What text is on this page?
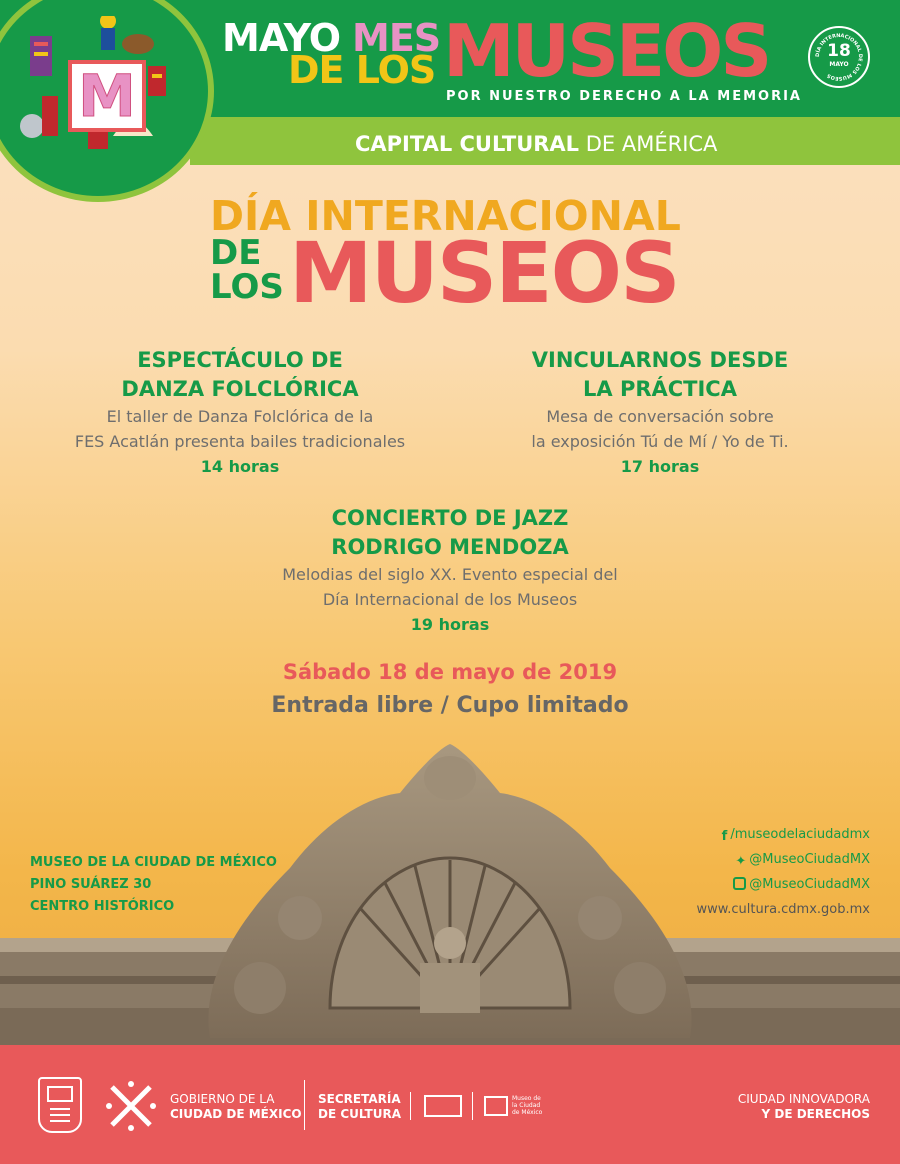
M
MAYO MES
DE LOS MUSEOS
POR NUESTRO DERECHO A LA MEMORIA
CAPITAL CULTURAL DE AMÉRICA
DÍA INTERNACIONAL DE LOS MUSEOS
18
MAYO
DÍA INTERNACIONAL
DE
LOS MUSEOS
ESPECTÁCULO DE
DANZA FOLCLÓRICA

El taller de Danza Folclórica de la

FES Acatlán presenta bailes tradicionales

14 horas
VINCULARNOS DESDE
LA PRÁCTICA

Mesa de conversación sobre

la exposición Tú de Mí / Yo de Ti.

17 horas
CONCIERTO DE JAZZ
RODRIGO MENDOZA

Melodias del siglo XX. Evento especial del

Día Internacional de los Museos

19 horas
Sábado 18 de mayo de 2019
Entrada libre / Cupo limitado
MUSEO DE LA CIUDAD DE MÉXICO
PINO SUÁREZ 30
CENTRO HISTÓRICO
f /museodelaciudadmx
✦ @MuseoCiudadMX
@MuseoCiudadMX
www.cultura.cdmx.gob.mx
GOBIERNO DE LA
CIUDAD DE MÉXICO
SECRETARÍA
DE CULTURA
Museo de la Ciudad de México
CIUDAD INNOVADORA
Y DE DERECHOS
